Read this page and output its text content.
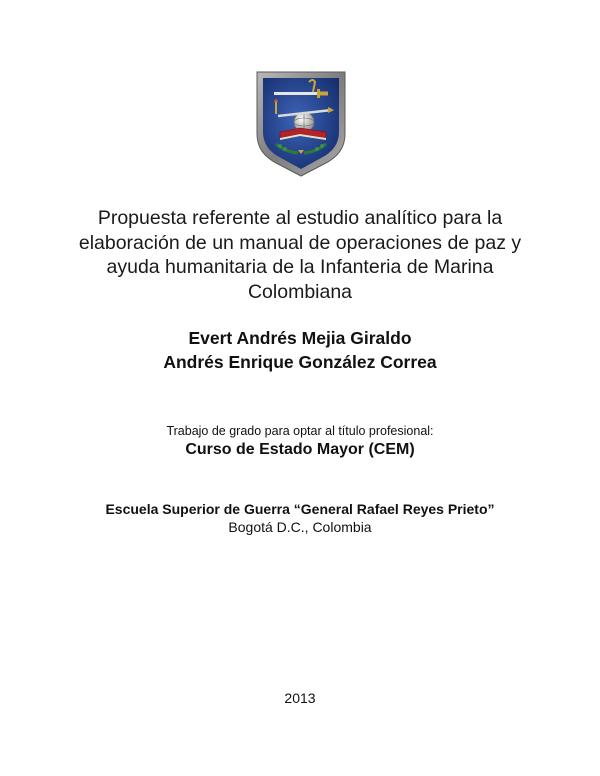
Propuesta referente al estudio analítico para la
elaboración de un manual de operaciones de paz y
ayuda humanitaria de la Infanteria de Marina
Colombiana
Evert Andrés Mejia Giraldo
Andrés Enrique González Correa
Trabajo de grado para optar al título profesional:
Curso de Estado Mayor (CEM)
Escuela Superior de Guerra “General Rafael Reyes Prieto”
Bogotá D.C., Colombia
2013
